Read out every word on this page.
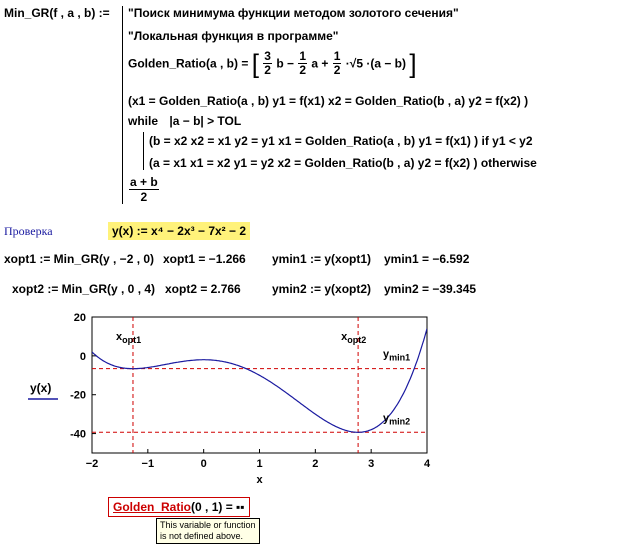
Min_GR(f , a , b) := "Поиск минимума функции методом золотого сечения"
"Локальная функция в программе"
Golden_Ratio(a , b) = [ $\frac{3}{2}$ $b - \frac{1}{2}$ $a + \frac{1}{2} \cdot√5 \cdot(a - b)$ ]
(x1 = Golden_Ratio(a , b) y1 = f(x1) x2 = Golden_Ratio(b , a) y2 = f(x2) )
while |a − b| > TOL
(b = x2 x2 = x1 y2 = y1 x1 = Golden_Ratio(a , b) y1 = f(x1) ) if y1 < y2
(a = x1 x1 = x2 y1 = y2 x2 = Golden_Ratio(b , a) y2 = f(x2) ) otherwise
$\frac{a + b}{2}$
Проверка	y(x) := x⁴ − 2x³ − 7x² − 2
xopt1 := Min_GR(y , −2 , 0) xopt1 = −1.266 ymin1 := y(xopt1) ymin1 = −6.592
xopt2 := Min_GR(y , 0 , 4) xopt2 = 2.766	ymin2 := y(xopt2) ymin2 = −39.345
20
0
-20
-40
−2	−1	0	1	2	3	4
x
y(x)
$x_{opt1}$	$x_{opt2}$
$y_{min1}$
$y_{min2}$
Golden_Ratio(0 , 1) = ▪▪
This variable or function
is not defined above.
